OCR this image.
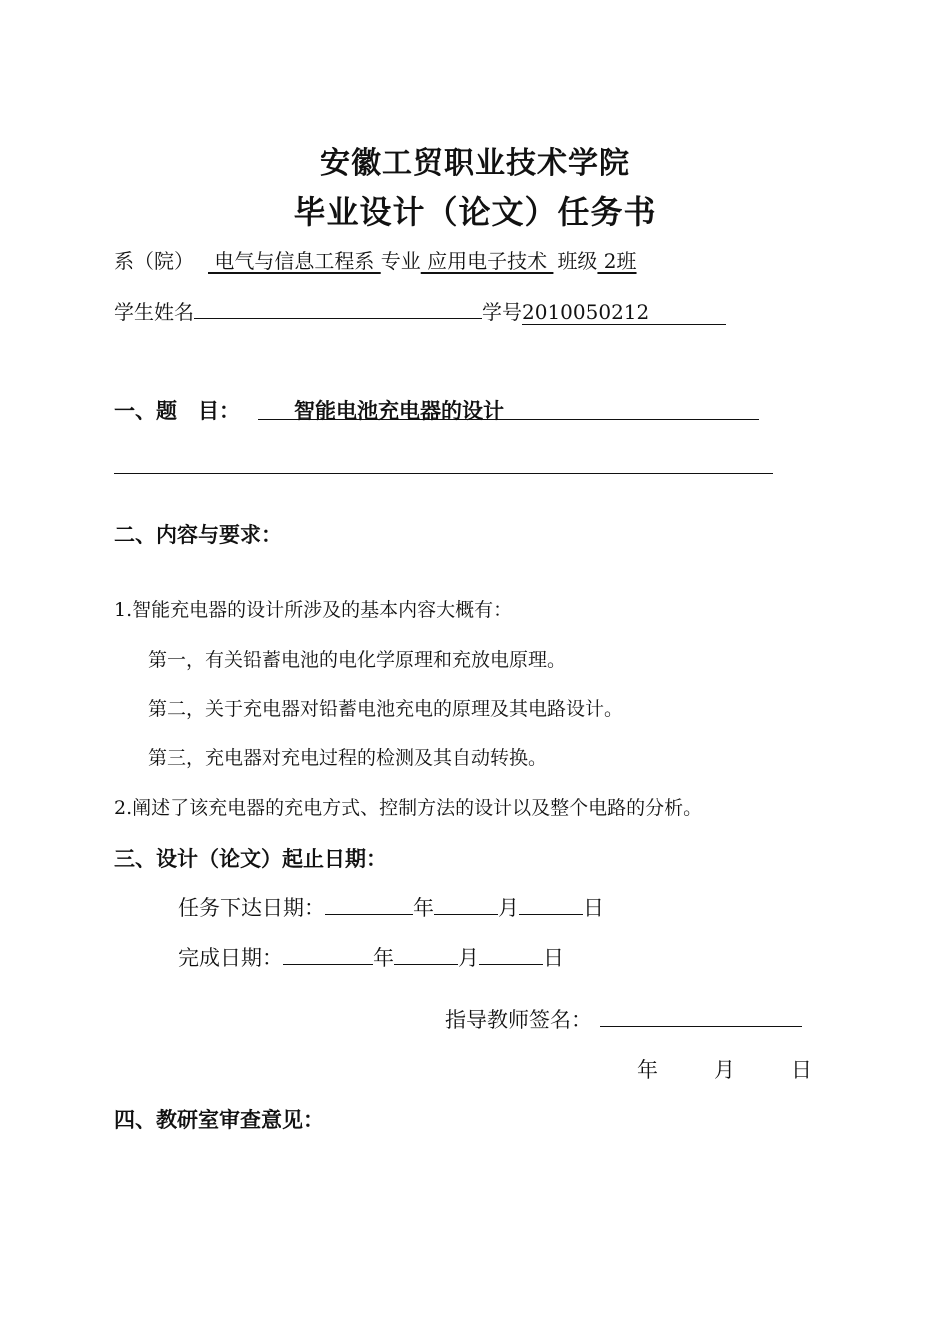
安徽工贸职业技术学院
毕业设计（论文）任务书
系（院） 电气与信息工程系 专业 应用电子技术 班级 2班
学生姓名	学号2010050212
一、题　目：	智能电池充电器的设计
二、内容与要求：
1.智能充电器的设计所涉及的基本内容大概有：
第一，有关铅蓄电池的电化学原理和充放电原理。
第二，关于充电器对铅蓄电池充电的原理及其电路设计。
第三，充电器对充电过程的检测及其自动转换。
2.阐述了该充电器的充电方式、控制方法的设计以及整个电路的分析。
三、设计（论文）起止日期：
任务下达日期：	年	月	日
完成日期：	年	月	日
指导教师签名：
年	月	日
四、教研室审查意见：
